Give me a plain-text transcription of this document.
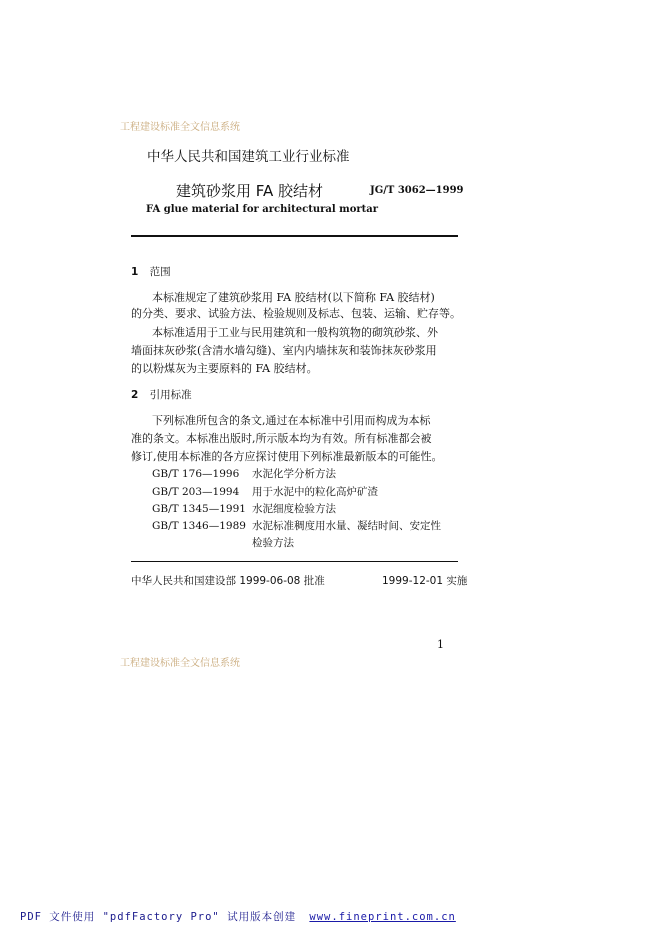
工程建设标准全文信息系统
中华人民共和国建筑工业行业标准
建筑砂浆用 FA 胶结材	JG/T 3062—1999
FA glue material for architectural mortar
1 范围
本标准规定了建筑砂浆用 FA 胶结材(以下简称 FA 胶结材)
的分类、要求、试验方法、检验规则及标志、包装、运输、贮存等。
本标准适用于工业与民用建筑和一般构筑物的砌筑砂浆、外
墙面抹灰砂浆(含清水墙勾缝)、室内内墙抹灰和装饰抹灰砂浆用
的以粉煤灰为主要原料的 FA 胶结材。
2 引用标准
下列标准所包含的条文,通过在本标准中引用而构成为本标
准的条文。本标准出版时,所示版本均为有效。所有标准都会被
修订,使用本标准的各方应探讨使用下列标准最新版本的可能性。
GB/T 176—1996 水泥化学分析方法
GB/T 203—1994 用于水泥中的粒化高炉矿渣
GB/T 1345—1991 水泥细度检验方法
GB/T 1346—1989 水泥标准稠度用水量、凝结时间、安定性
检验方法
中华人民共和国建设部 1999-06-08 批准	1999-12-01 实施
1
工程建设标准全文信息系统
PDF 文件使用 "pdfFactory Pro" 试用版本创建 www.fineprint.com.cn
